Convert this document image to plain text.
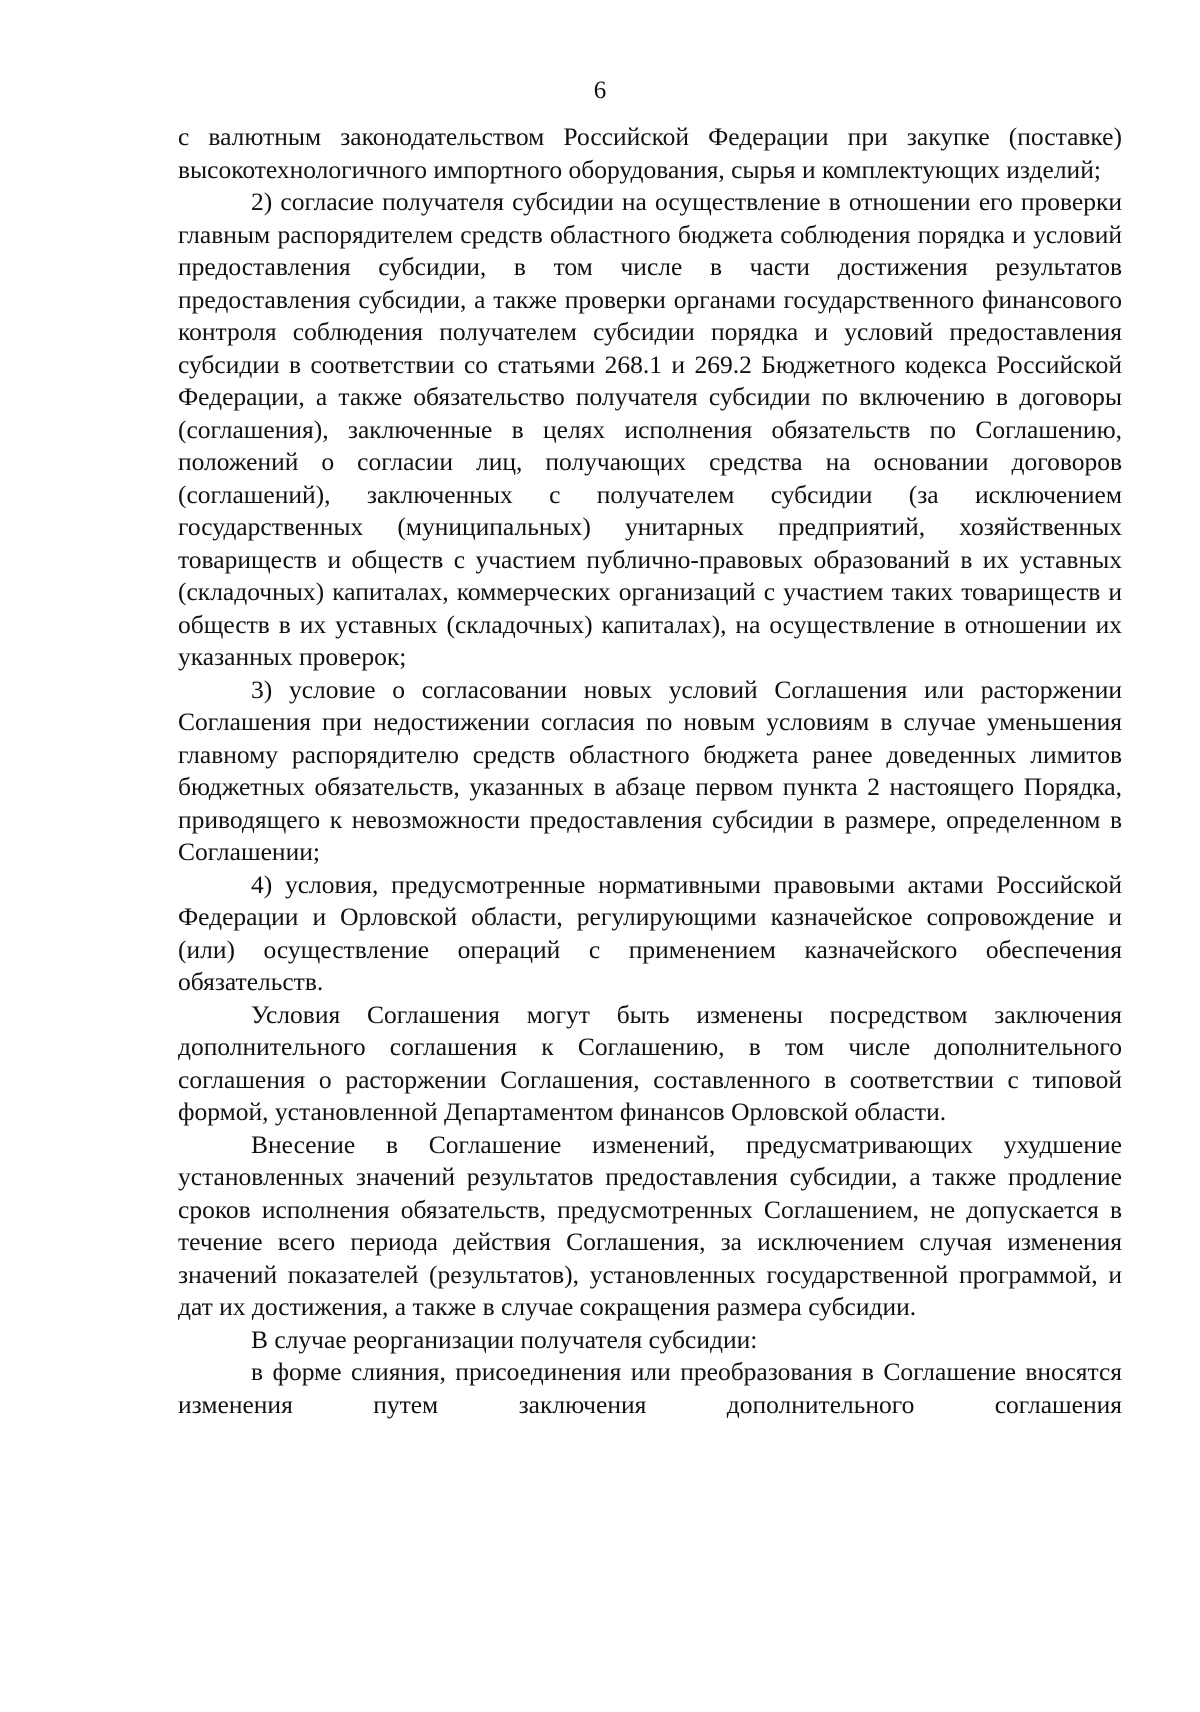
6

с валютным законодательством Российской Федерации при закупке (поставке) высокотехнологичного импортного оборудования, сырья и комплектующих изделий;

2) согласие получателя субсидии на осуществление в отношении его проверки главным распорядителем средств областного бюджета соблюдения порядка и условий предоставления субсидии, в том числе в части достижения результатов предоставления субсидии, а также проверки органами государственного финансового контроля соблюдения получателем субсидии порядка и условий предоставления субсидии в соответствии со статьями 268.1 и 269.2 Бюджетного кодекса Российской Федерации, а также обязательство получателя субсидии по включению в договоры (соглашения), заключенные в целях исполнения обязательств по Соглашению, положений о согласии лиц, получающих средства на основании договоров (соглашений), заключенных с получателем субсидии (за исключением государственных (муниципальных) унитарных предприятий, хозяйственных товариществ и обществ с участием публично-правовых образований в их уставных (складочных) капиталах, коммерческих организаций с участием таких товариществ и обществ в их уставных (складочных) капиталах), на осуществление в отношении их указанных проверок;

3) условие о согласовании новых условий Соглашения или расторжении Соглашения при недостижении согласия по новым условиям в случае уменьшения главному распорядителю средств областного бюджета ранее доведенных лимитов бюджетных обязательств, указанных в абзаце первом пункта 2 настоящего Порядка, приводящего к невозможности предоставления субсидии в размере, определенном в Соглашении;

4) условия, предусмотренные нормативными правовыми актами Российской Федерации и Орловской области, регулирующими казначейское сопровождение и (или) осуществление операций с применением казначейского обеспечения обязательств.

Условия Соглашения могут быть изменены посредством заключения дополнительного соглашения к Соглашению, в том числе дополнительного соглашения о расторжении Соглашения, составленного в соответствии с типовой формой, установленной Департаментом финансов Орловской области.

Внесение в Соглашение изменений, предусматривающих ухудшение установленных значений результатов предоставления субсидии, а также продление сроков исполнения обязательств, предусмотренных Соглашением, не допускается в течение всего периода действия Соглашения, за исключением случая изменения значений показателей (результатов), установленных государственной программой, и дат их достижения, а также в случае сокращения размера субсидии.

В случае реорганизации получателя субсидии:

в форме слияния, присоединения или преобразования в Соглашение вносятся изменения путем заключения дополнительного соглашения
